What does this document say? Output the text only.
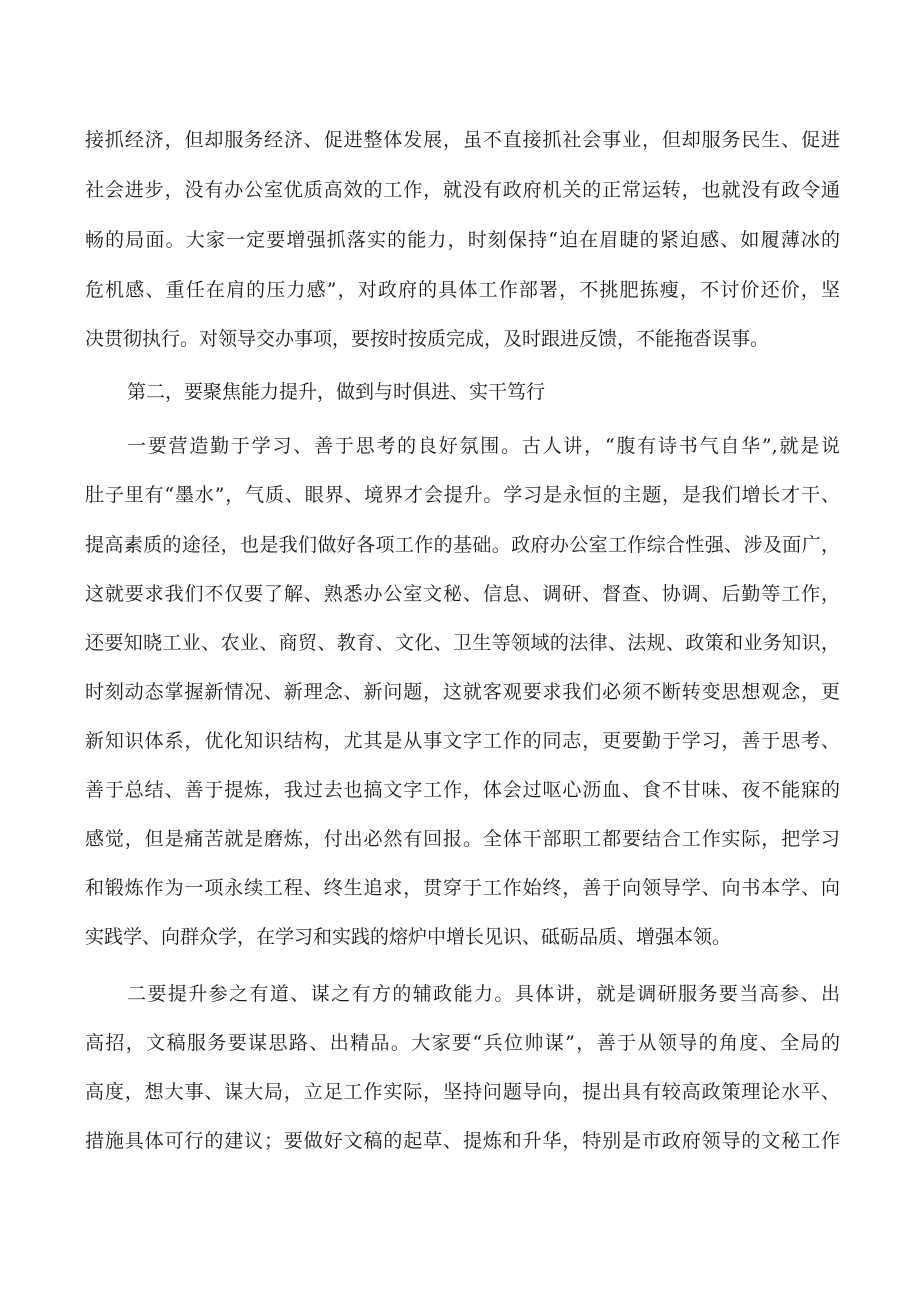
接抓经济，但却服务经济、促进整体发展，虽不直接抓社会事业，但却服务民生、促进
社会进步，没有办公室优质高效的工作，就没有政府机关的正常运转，也就没有政令通
畅的局面。大家一定要增强抓落实的能力，时刻保持“迫在眉睫的紧迫感、如履薄冰的
危机感、重任在肩的压力感”，对政府的具体工作部署，不挑肥拣瘦，不讨价还价，坚
决贯彻执行。对领导交办事项，要按时按质完成，及时跟进反馈，不能拖沓误事。
第二，要聚焦能力提升，做到与时俱进、实干笃行
一要营造勤于学习、善于思考的良好氛围。古人讲，“腹有诗书气自华”,就是说
肚子里有“墨水”，气质、眼界、境界才会提升。学习是永恒的主题，是我们增长才干、
提高素质的途径，也是我们做好各项工作的基础。政府办公室工作综合性强、涉及面广，
这就要求我们不仅要了解、熟悉办公室文秘、信息、调研、督查、协调、后勤等工作，
还要知晓工业、农业、商贸、教育、文化、卫生等领域的法律、法规、政策和业务知识，
时刻动态掌握新情况、新理念、新问题，这就客观要求我们必须不断转变思想观念，更
新知识体系，优化知识结构，尤其是从事文字工作的同志，更要勤于学习，善于思考、
善于总结、善于提炼，我过去也搞文字工作，体会过呕心沥血、食不甘味、夜不能寐的
感觉，但是痛苦就是磨炼，付出必然有回报。全体干部职工都要结合工作实际，把学习
和锻炼作为一项永续工程、终生追求，贯穿于工作始终，善于向领导学、向书本学、向
实践学、向群众学，在学习和实践的熔炉中增长见识、砥砺品质、增强本领。
二要提升参之有道、谋之有方的辅政能力。具体讲，就是调研服务要当高参、出
高招，文稿服务要谋思路、出精品。大家要“兵位帅谋”，善于从领导的角度、全局的
高度，想大事、谋大局，立足工作实际，坚持问题导向，提出具有较高政策理论水平、
措施具体可行的建议；要做好文稿的起草、提炼和升华，特别是市政府领导的文秘工作
